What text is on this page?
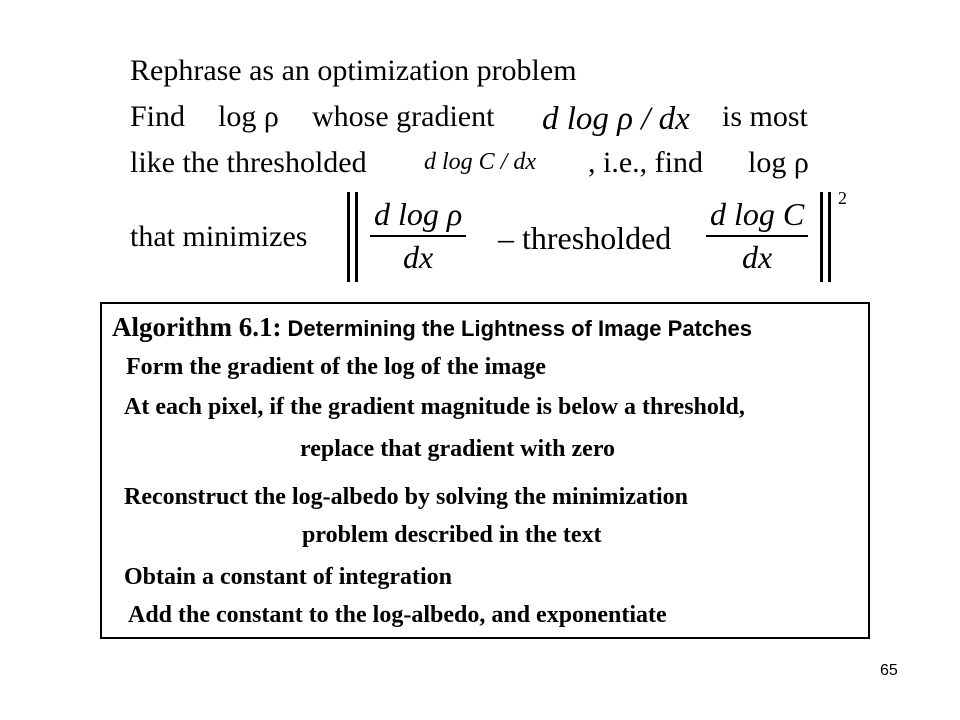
Rephrase as an optimization problem
Find log ρ whose gradient d log ρ / dx is most
like the thresholded d log C / dx , i.e., find log ρ
that minimizes $\frac{\text{d log ρ}}{dx}$ – thresholded $\frac{\text{d log C}}{dx} 2$
Algorithm 6.1: Determining the Lightness of Image Patches
Form the gradient of the log of the image
At each pixel, if the gradient magnitude is below a threshold,
replace that gradient with zero
Reconstruct the log-albedo by solving the minimization
problem described in the text
Obtain a constant of integration
Add the constant to the log-albedo, and exponentiate
65
